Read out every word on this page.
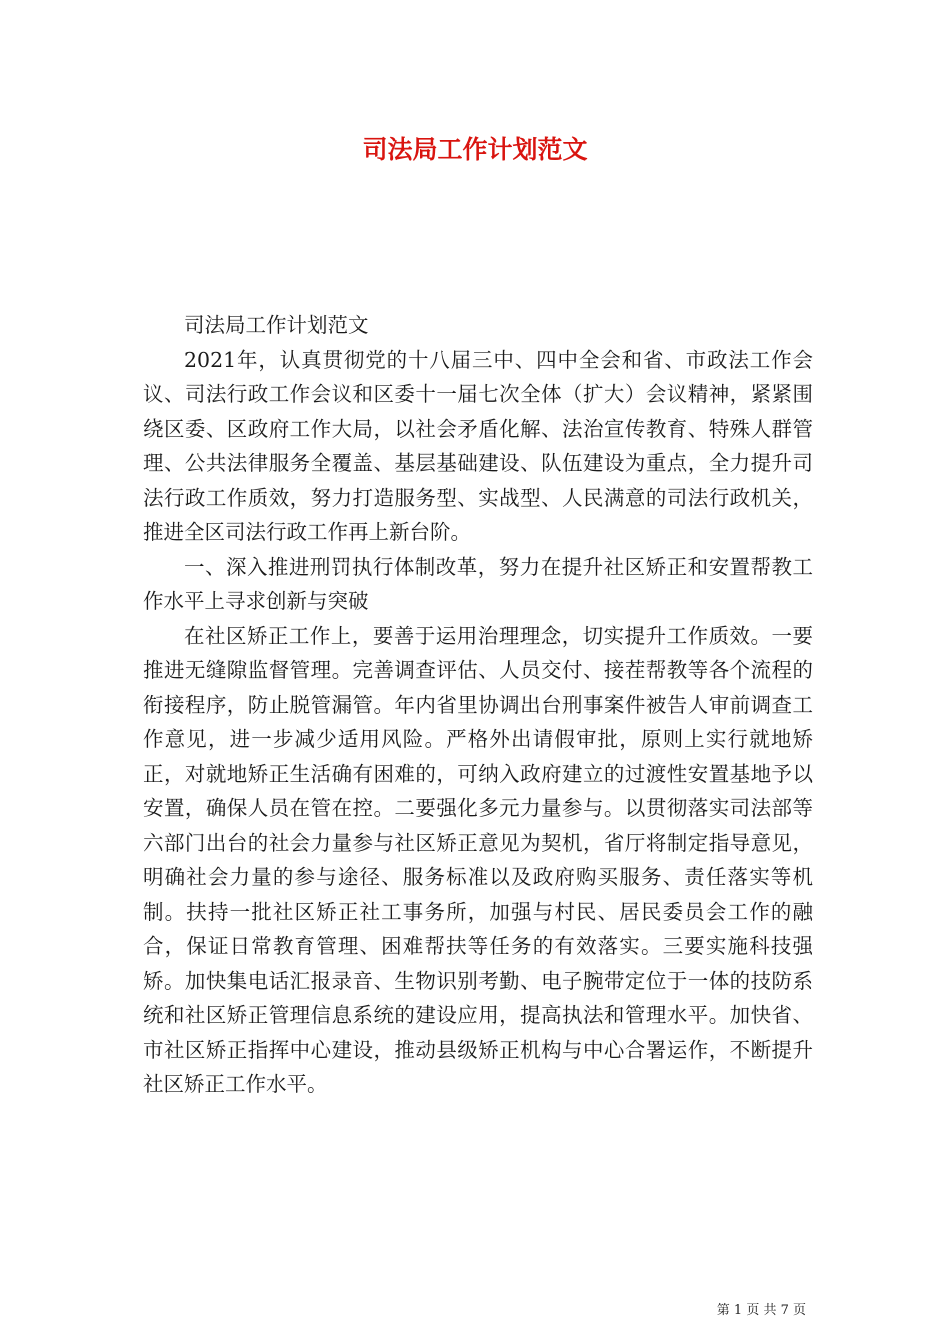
司法局工作计划范文

司法局工作计划范文

2021年，认真贯彻党的十八届三中、四中全会和省、市政法工作会议、司法行政工作会议和区委十一届七次全体（扩大）会议精神，紧紧围绕区委、区政府工作大局，以社会矛盾化解、法治宣传教育、特殊人群管理、公共法律服务全覆盖、基层基础建设、队伍建设为重点，全力提升司法行政工作质效，努力打造服务型、实战型、人民满意的司法行政机关，推进全区司法行政工作再上新台阶。

一、深入推进刑罚执行体制改革，努力在提升社区矫正和安置帮教工作水平上寻求创新与突破

在社区矫正工作上，要善于运用治理理念，切实提升工作质效。一要推进无缝隙监督管理。完善调查评估、人员交付、接茬帮教等各个流程的衔接程序，防止脱管漏管。年内省里协调出台刑事案件被告人审前调查工作意见，进一步减少适用风险。严格外出请假审批，原则上实行就地矫正，对就地矫正生活确有困难的，可纳入政府建立的过渡性安置基地予以安置，确保人员在管在控。二要强化多元力量参与。以贯彻落实司法部等六部门出台的社会力量参与社区矫正意见为契机，省厅将制定指导意见，明确社会力量的参与途径、服务标准以及政府购买服务、责任落实等机制。扶持一批社区矫正社工事务所，加强与村民、居民委员会工作的融合，保证日常教育管理、困难帮扶等任务的有效落实。三要实施科技强矫。加快集电话汇报录音、生物识别考勤、电子腕带定位于一体的技防系统和社区矫正管理信息系统的建设应用，提高执法和管理水平。加快省、市社区矫正指挥中心建设，推动县级矫正机构与中心合署运作，不断提升社区矫正工作水平。

第 1 页 共 7 页
